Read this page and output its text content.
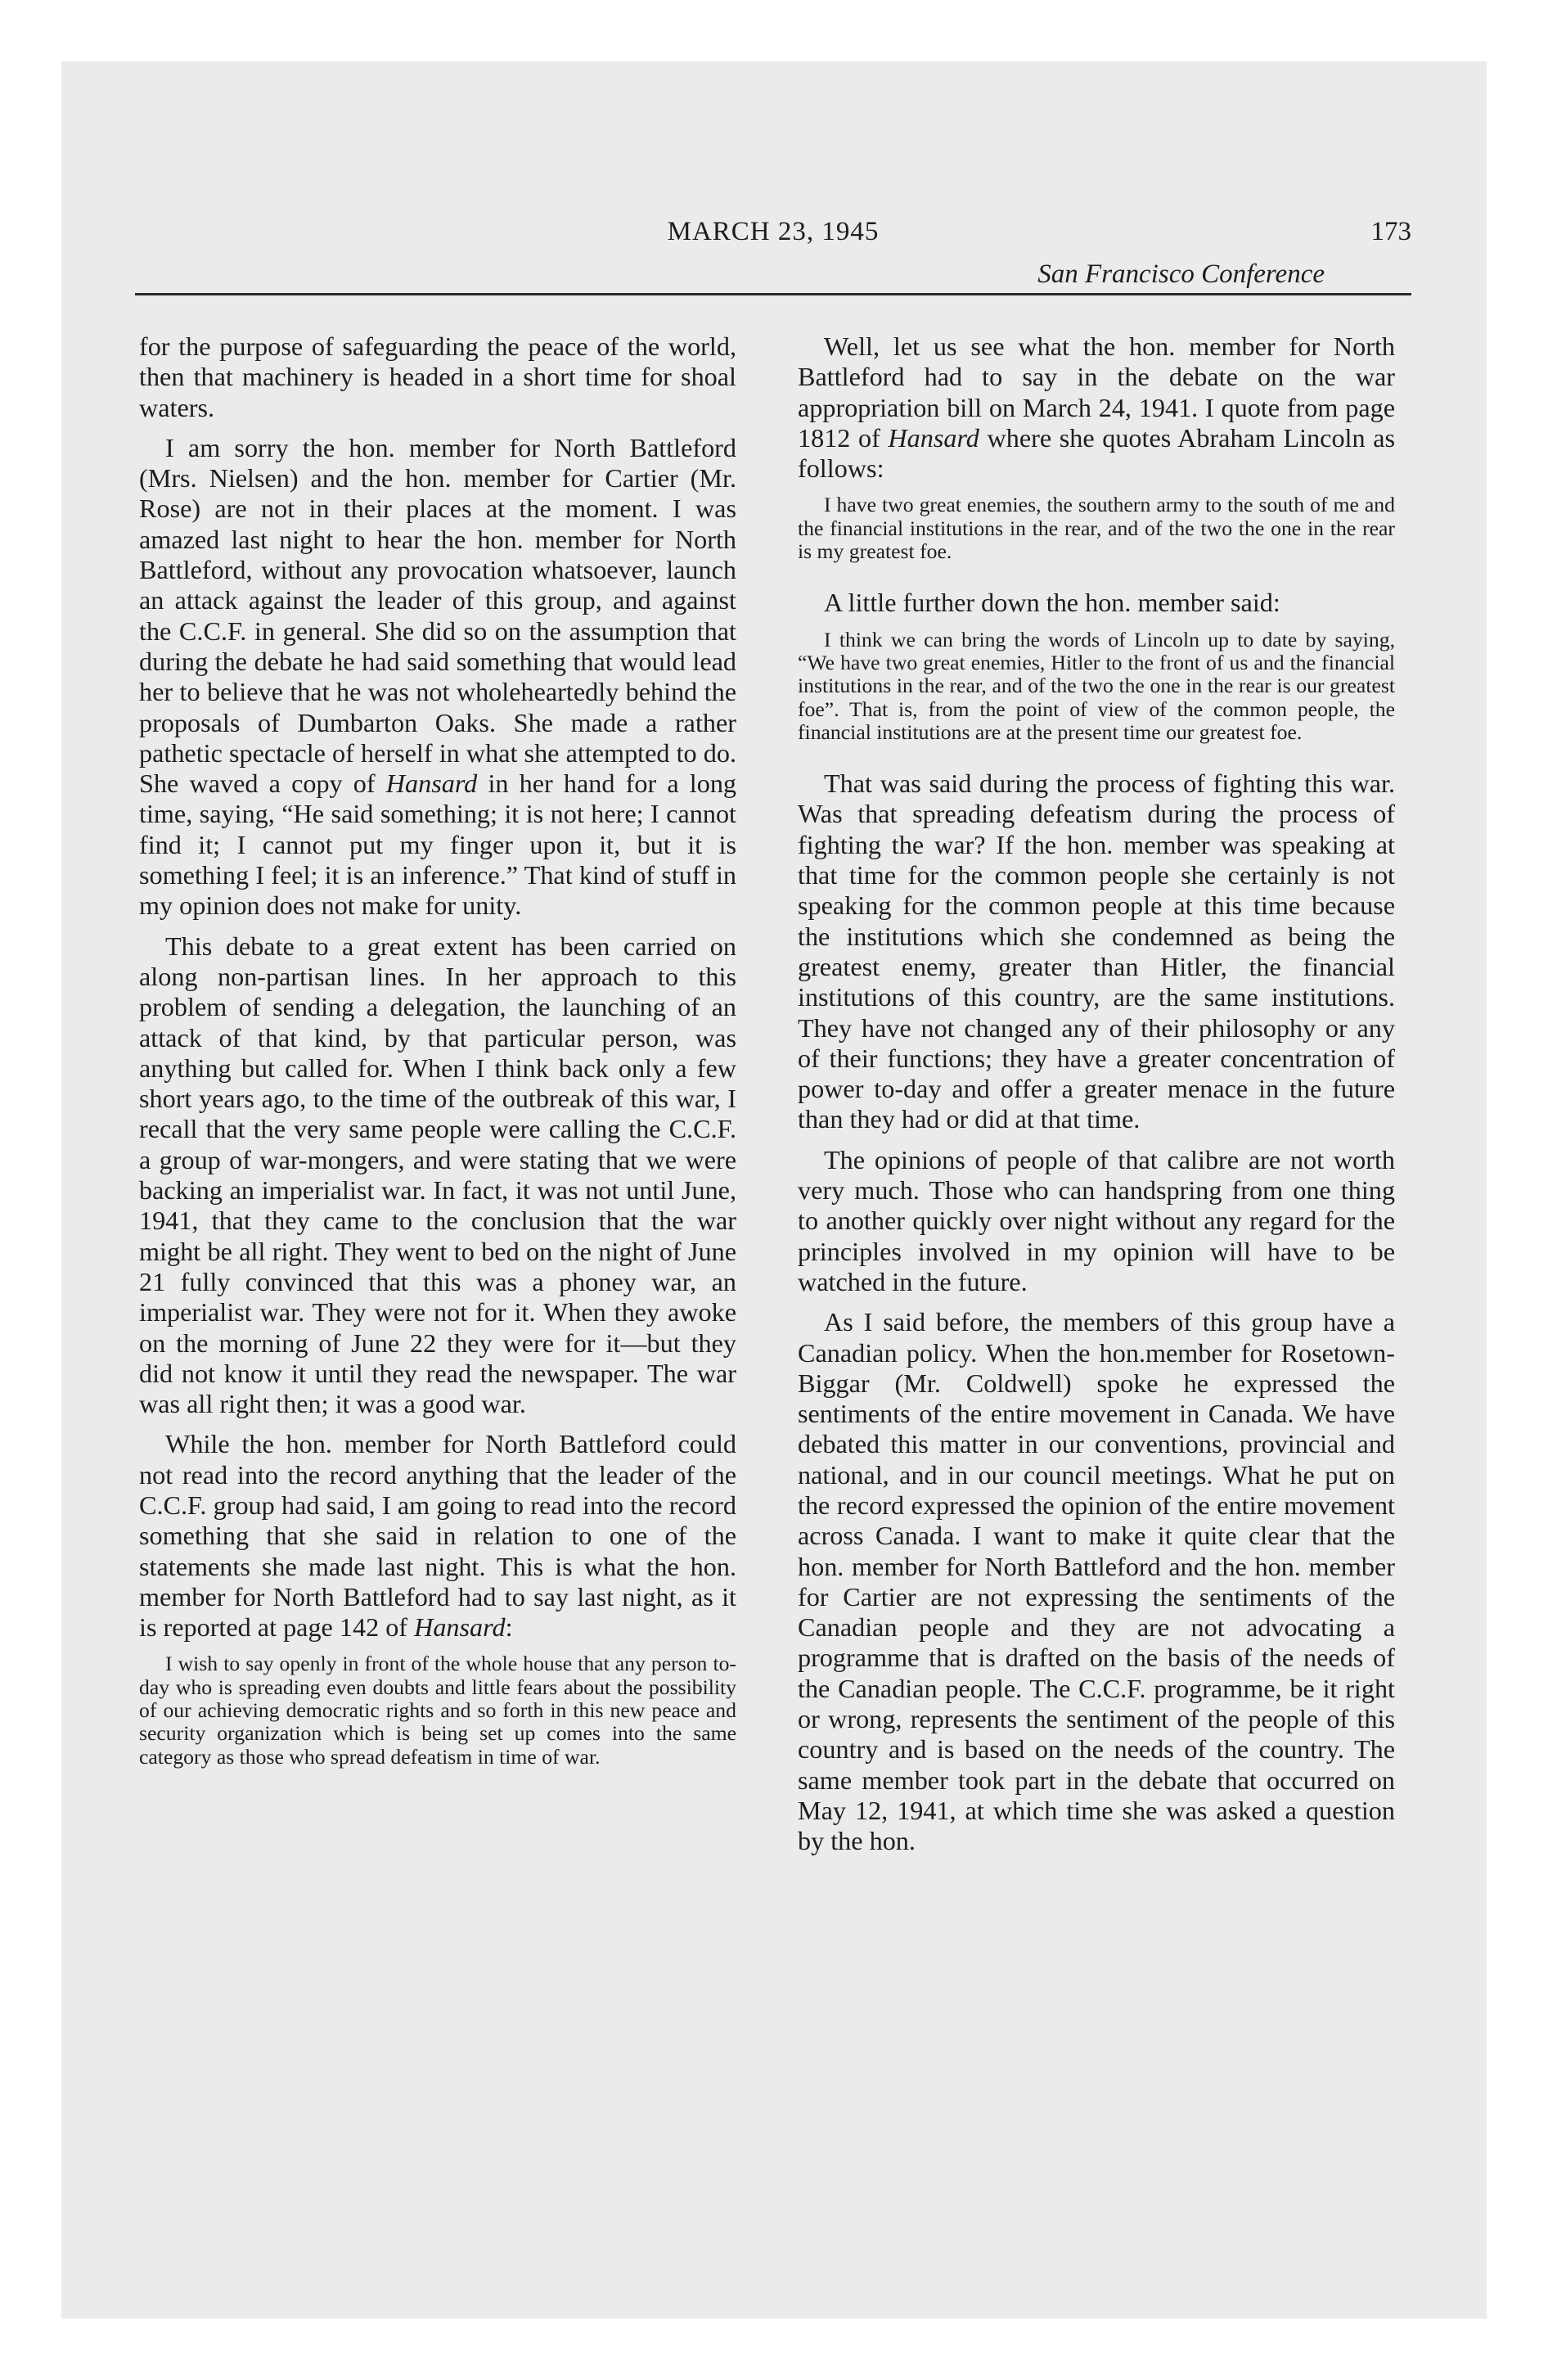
MARCH 23, 1945	173
San Francisco Conference

for the purpose of safeguarding the peace of the world, then that machinery is headed in a short time for shoal waters.

I am sorry the hon. member for North Battleford (Mrs. Nielsen) and the hon. member for Cartier (Mr. Rose) are not in their places at the moment. I was amazed last night to hear the hon. member for North Battleford, without any provocation whatsoever, launch an attack against the leader of this group, and against the C.C.F. in general. She did so on the assumption that during the debate he had said something that would lead her to believe that he was not wholeheartedly behind the proposals of Dumbarton Oaks. She made a rather pathetic spectacle of herself in what she attempted to do. She waved a copy of Hansard in her hand for a long time, saying, “He said something; it is not here; I cannot find it; I cannot put my finger upon it, but it is something I feel; it is an inference.” That kind of stuff in my opinion does not make for unity.

This debate to a great extent has been carried on along non-partisan lines. In her approach to this problem of sending a delegation, the launching of an attack of that kind, by that particular person, was anything but called for. When I think back only a few short years ago, to the time of the outbreak of this war, I recall that the very same people were calling the C.C.F. a group of war-mongers, and were stating that we were backing an imperialist war. In fact, it was not until June, 1941, that they came to the conclusion that the war might be all right. They went to bed on the night of June 21 fully convinced that this was a phoney war, an imperialist war. They were not for it. When they awoke on the morning of June 22 they were for it—but they did not know it until they read the newspaper. The war was all right then; it was a good war.

While the hon. member for North Battleford could not read into the record anything that the leader of the C.C.F. group had said, I am going to read into the record something that she said in relation to one of the statements she made last night. This is what the hon. member for North Battleford had to say last night, as it is reported at page 142 of Hansard:

I wish to say openly in front of the whole house that any person to-day who is spreading even doubts and little fears about the possibility of our achieving democratic rights and so forth in this new peace and security organization which is being set up comes into the same category as those who spread defeatism in time of war.

Well, let us see what the hon. member for North Battleford had to say in the debate on the war appropriation bill on March 24, 1941. I quote from page 1812 of Hansard where she quotes Abraham Lincoln as follows:

I have two great enemies, the southern army to the south of me and the financial institutions in the rear, and of the two the one in the rear is my greatest foe.

A little further down the hon. member said:

I think we can bring the words of Lincoln up to date by saying, “We have two great enemies, Hitler to the front of us and the financial institutions in the rear, and of the two the one in the rear is our greatest foe”. That is, from the point of view of the common people, the financial institutions are at the present time our greatest foe.

That was said during the process of fighting this war. Was that spreading defeatism during the process of fighting the war? If the hon. member was speaking at that time for the common people she certainly is not speaking for the common people at this time because the institutions which she condemned as being the greatest enemy, greater than Hitler, the financial institutions of this country, are the same institutions. They have not changed any of their philosophy or any of their functions; they have a greater concentration of power to-day and offer a greater menace in the future than they had or did at that time.

The opinions of people of that calibre are not worth very much. Those who can handspring from one thing to another quickly over night without any regard for the principles involved in my opinion will have to be watched in the future.

As I said before, the members of this group have a Canadian policy. When the hon.member for Rosetown-Biggar (Mr. Coldwell) spoke he expressed the sentiments of the entire movement in Canada. We have debated this matter in our conventions, provincial and national, and in our council meetings. What he put on the record expressed the opinion of the entire movement across Canada. I want to make it quite clear that the hon. member for North Battleford and the hon. member for Cartier are not expressing the sentiments of the Canadian people and they are not advocating a programme that is drafted on the basis of the needs of the Canadian people. The C.C.F. programme, be it right or wrong, represents the sentiment of the people of this country and is based on the needs of the country. The same member took part in the debate that occurred on May 12, 1941, at which time she was asked a question by the hon.
